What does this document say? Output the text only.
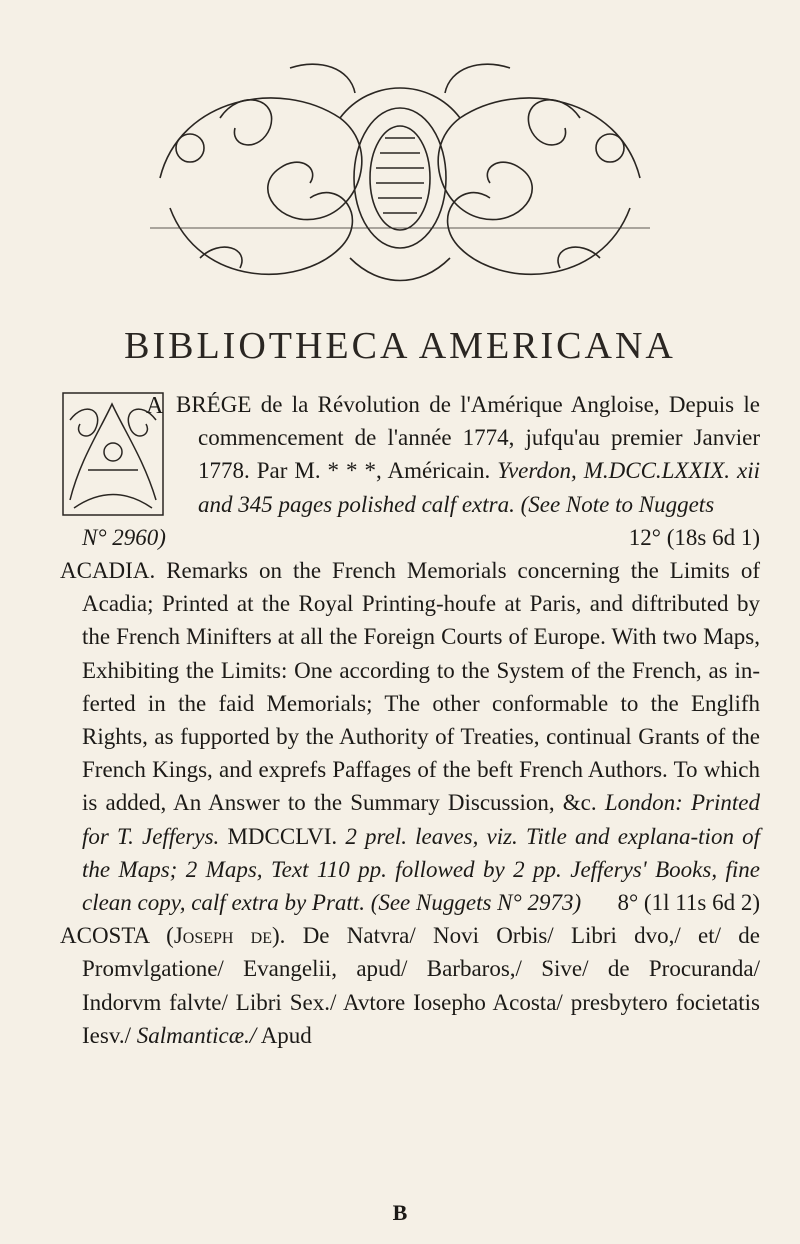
BIBLIOTHECA AMERICANA

A BRÉGE de la Révolution de l'Amérique Angloise, Depuis le commencement de l'année 1774, jufqu'au premier Janvier 1778. Par M. * * *, Américain. Yverdon, M.DCC.LXXIX. xii and 345 pages polished calf extra. (See Note to Nuggets
N° 2960)	12° (18s 6d 1)

ACADIA. Remarks on the French Memorials concerning the Limits of Acadia; Printed at the Royal Printing-houfe at Paris, and diftributed by the French Minifters at all the Foreign Courts of Europe. With two Maps, Exhibiting the Limits: One according to the System of the French, as in-ferted in the faid Memorials; The other conformable to the Englifh Rights, as fupported by the Authority of Treaties, continual Grants of the French Kings, and exprefs Paffages of the beft French Authors. To which is added, An Answer to the Summary Discussion, &c. London: Printed for T. Jefferys. MDCCLVI. 2 prel. leaves, viz. Title and explana-tion of the Maps; 2 Maps, Text 110 pp. followed by 2 pp. Jefferys' Books, fine clean copy, calf extra by Pratt. (See Nuggets N° 2973) 8° (1l 11s 6d 2)

ACOSTA (Joseph de). De Natvra/ Novi Orbis/ Libri dvo,/ et/ de Promvlgatione/ Evangelii, apud/ Barbaros,/ Sive/ de Procuranda/ Indorvm falvte/ Libri Sex./ Avtore Iosepho Acosta/ presbytero focietatis Iesv./ Salmanticæ./ Apud

B
